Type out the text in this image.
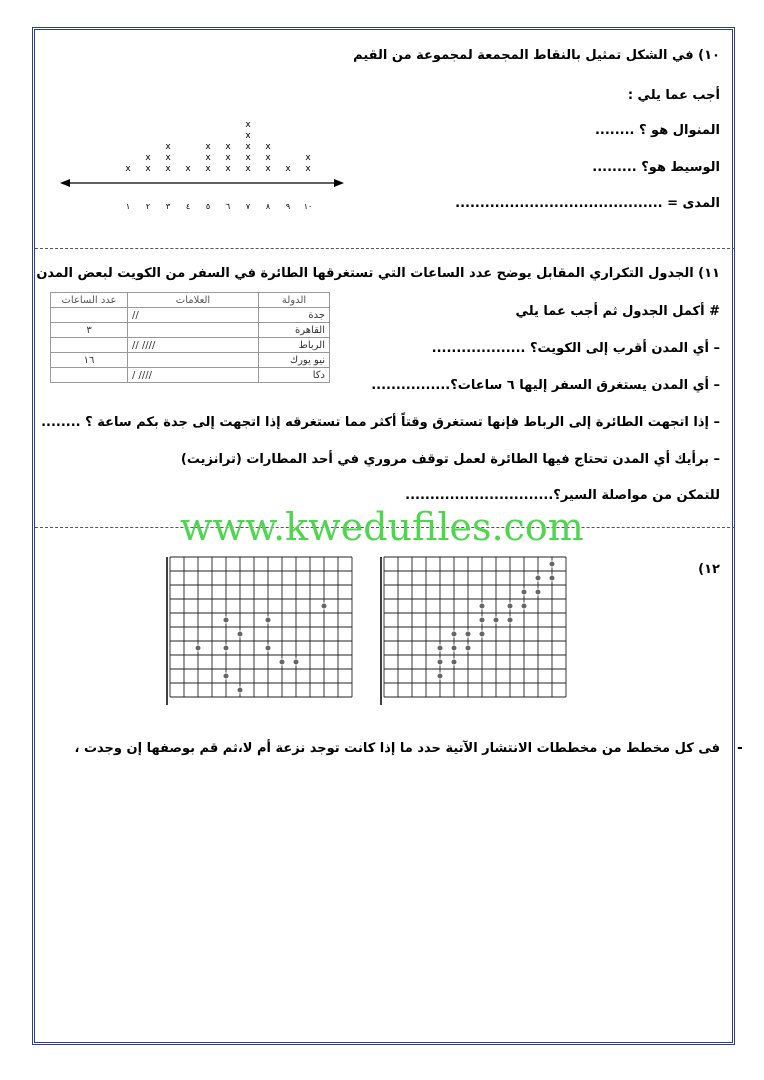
١٠) في الشكل تمثيل بالنقاط المجمعة لمجموعة من القيم
أجب عما يلي :
المنوال هو ؟ ........
الوسيط هو؟ .........
المدى = ..........................................
١
x
٢
x
x
٣
x
x
x
٤
x
٥
x
x
x
٦
x
x
x
٧
x
x
x
x
x
٨
x
x
x
٩
x
١٠
x
x
١١) الجدول التكراري المقابل يوضح عدد الساعات التي تستغرقها الطائرة في السفر من الكويت لبعض المدن
# أكمل الجدول ثم أجب عما يلي
– أي المدن أقرب إلى الكويت؟ ...................
– أي المدن يستغرق السفر إليها ٦ ساعات؟................
– إذا اتجهت الطائرة إلى الرباط فإنها تستغرق وقتاً أكثر مما تستغرقه إذا اتجهت إلى جدة بكم ساعة ؟ ........
– برأيك أي المدن تحتاج فيها الطائرة لعمل توقف مروري في أحد المطارات (ترانزيت)
للتمكن من مواصلة السير؟..............................
الدولة	العلامات	عدد الساعات
جدة	//	
القاهرة		٣
الرباط	//// //	
نيو يورك		١٦
دكا	//// /	
www.kwedufiles.com
١٢)
فى كل مخطط من مخططات الانتشار الآتية حدد ما إذا كانت توجد نزعة أم لا،ثم قم بوصفها إن وجدت ، -
